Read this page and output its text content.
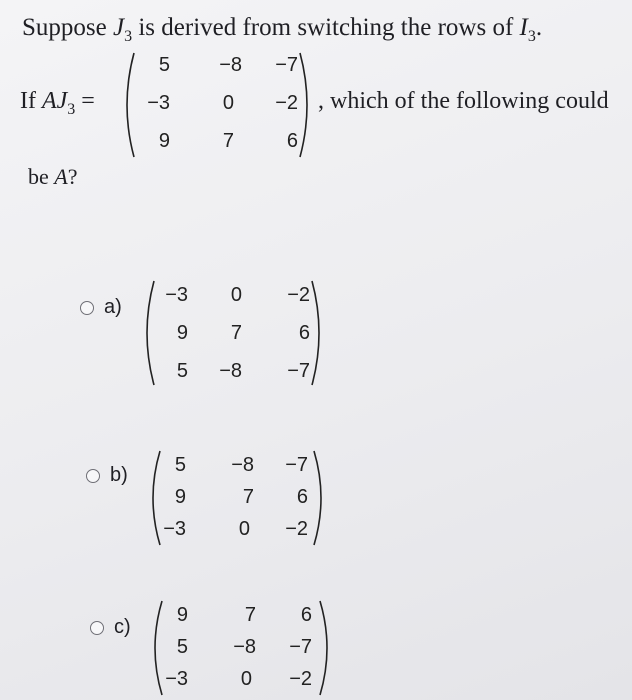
Suppose $J_3$ is derived from switching the rows of $I_3$.
If $AJ_3$ =
5	−8	−7
−3	0	−2
9	7	6
, which of the following could
be A?
a)
−3	0	−2
9	7	6
5	−8	−7
b)	5	−8	−7
9	7	6
−3	0	−2
c)
9	7	6
5	−8	−7
−3	0	−2
